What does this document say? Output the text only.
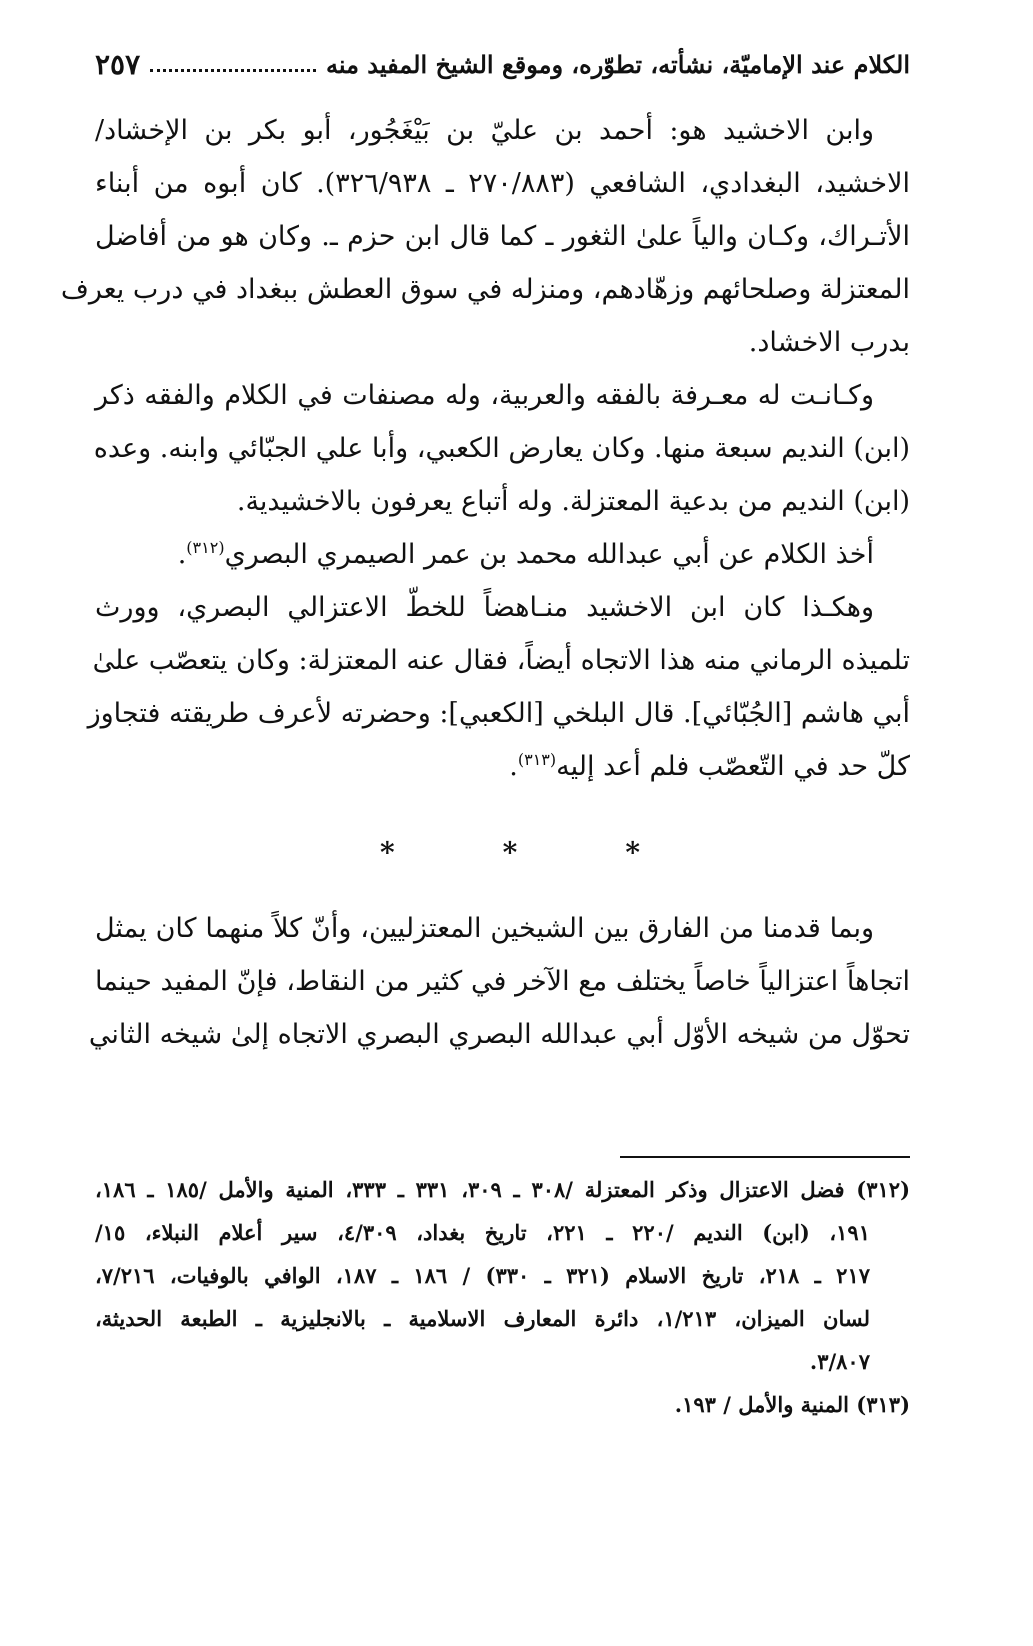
الكلام عند الإماميّة، نشأته، تطوّره، وموقع الشيخ المفيد منه
٢٥٧
وابن الاخشيد هو: أحمد بن عليّ بن بَيْغَجُور، أبو بكر بن الإخشاد/
الاخشيد، البغدادي، الشافعي (٢٧٠/٨٨٣ ـ ٣٢٦/٩٣٨). كان أبوه من أبناء
الأتـراك، وكـان والياً علىٰ الثغور ـ كما قال ابن حزم ـ. وكان هو من أفاضل
المعتزلة وصلحائهم وزهّادهم، ومنزله في سوق العطش ببغداد في درب يعرف
بدرب الاخشاد.
وكـانـت له معـرفة بالفقه والعربية، وله مصنفات في الكلام والفقه ذكر
(ابن) النديم سبعة منها. وكان يعارض الكعبي، وأبا علي الجبّائي وابنه. وعده
(ابن) النديم من بدعية المعتزلة. وله أتباع يعرفون بالاخشيدية.
أخذ الكلام عن أبي عبدالله محمد بن عمر الصيمري البصري$^{(٣١٢)}$.
وهكـذا كان ابن الاخشيد منـاهضاً للخطّ الاعتزالي البصري، وورث
تلميذه الرماني منه هذا الاتجاه أيضاً، فقال عنه المعتزلة: وكان يتعصّب علىٰ
أبي هاشم [الجُبّائي]. قال البلخي [الكعبي]: وحضرته لأعرف طريقته فتجاوز
كلّ حد في التّعصّب فلم أعد إليه$^{(٣١٣)}$.
*
*
*
وبما قدمنا من الفارق بين الشيخين المعتزليين، وأنّ كلاً منهما كان يمثل
اتجاهاً اعتزالياً خاصاً يختلف مع الآخر في كثير من النقاط، فإنّ المفيد حينما
تحوّل من شيخه الأوّل أبي عبدالله البصري البصري الاتجاه إلىٰ شيخه الثاني
(٣١٢) فضل الاعتزال وذكر المعتزلة /٣٠٨ ـ ٣٠٩، ٣٣١ ـ ٣٣٣، المنية والأمل /١٨٥ ـ ١٨٦،
١٩١، (ابن) النديم /٢٢٠ ـ ٢٢١، تاريخ بغداد، ٤/٣٠٩، سير أعلام النبلاء، ١٥/
٢١٧ ـ ٢١٨، تاريخ الاسلام (٣٢١ ـ ٣٣٠) / ١٨٦ ـ ١٨٧، الوافي بالوفيات، ٧/٢١٦،
لسان الميزان، ١/٢١٣، دائرة المعارف الاسلامية ـ بالانجليزية ـ الطبعة الحديثة،
٣/٨٠٧.
(٣١٣) المنية والأمل / ١٩٣.
